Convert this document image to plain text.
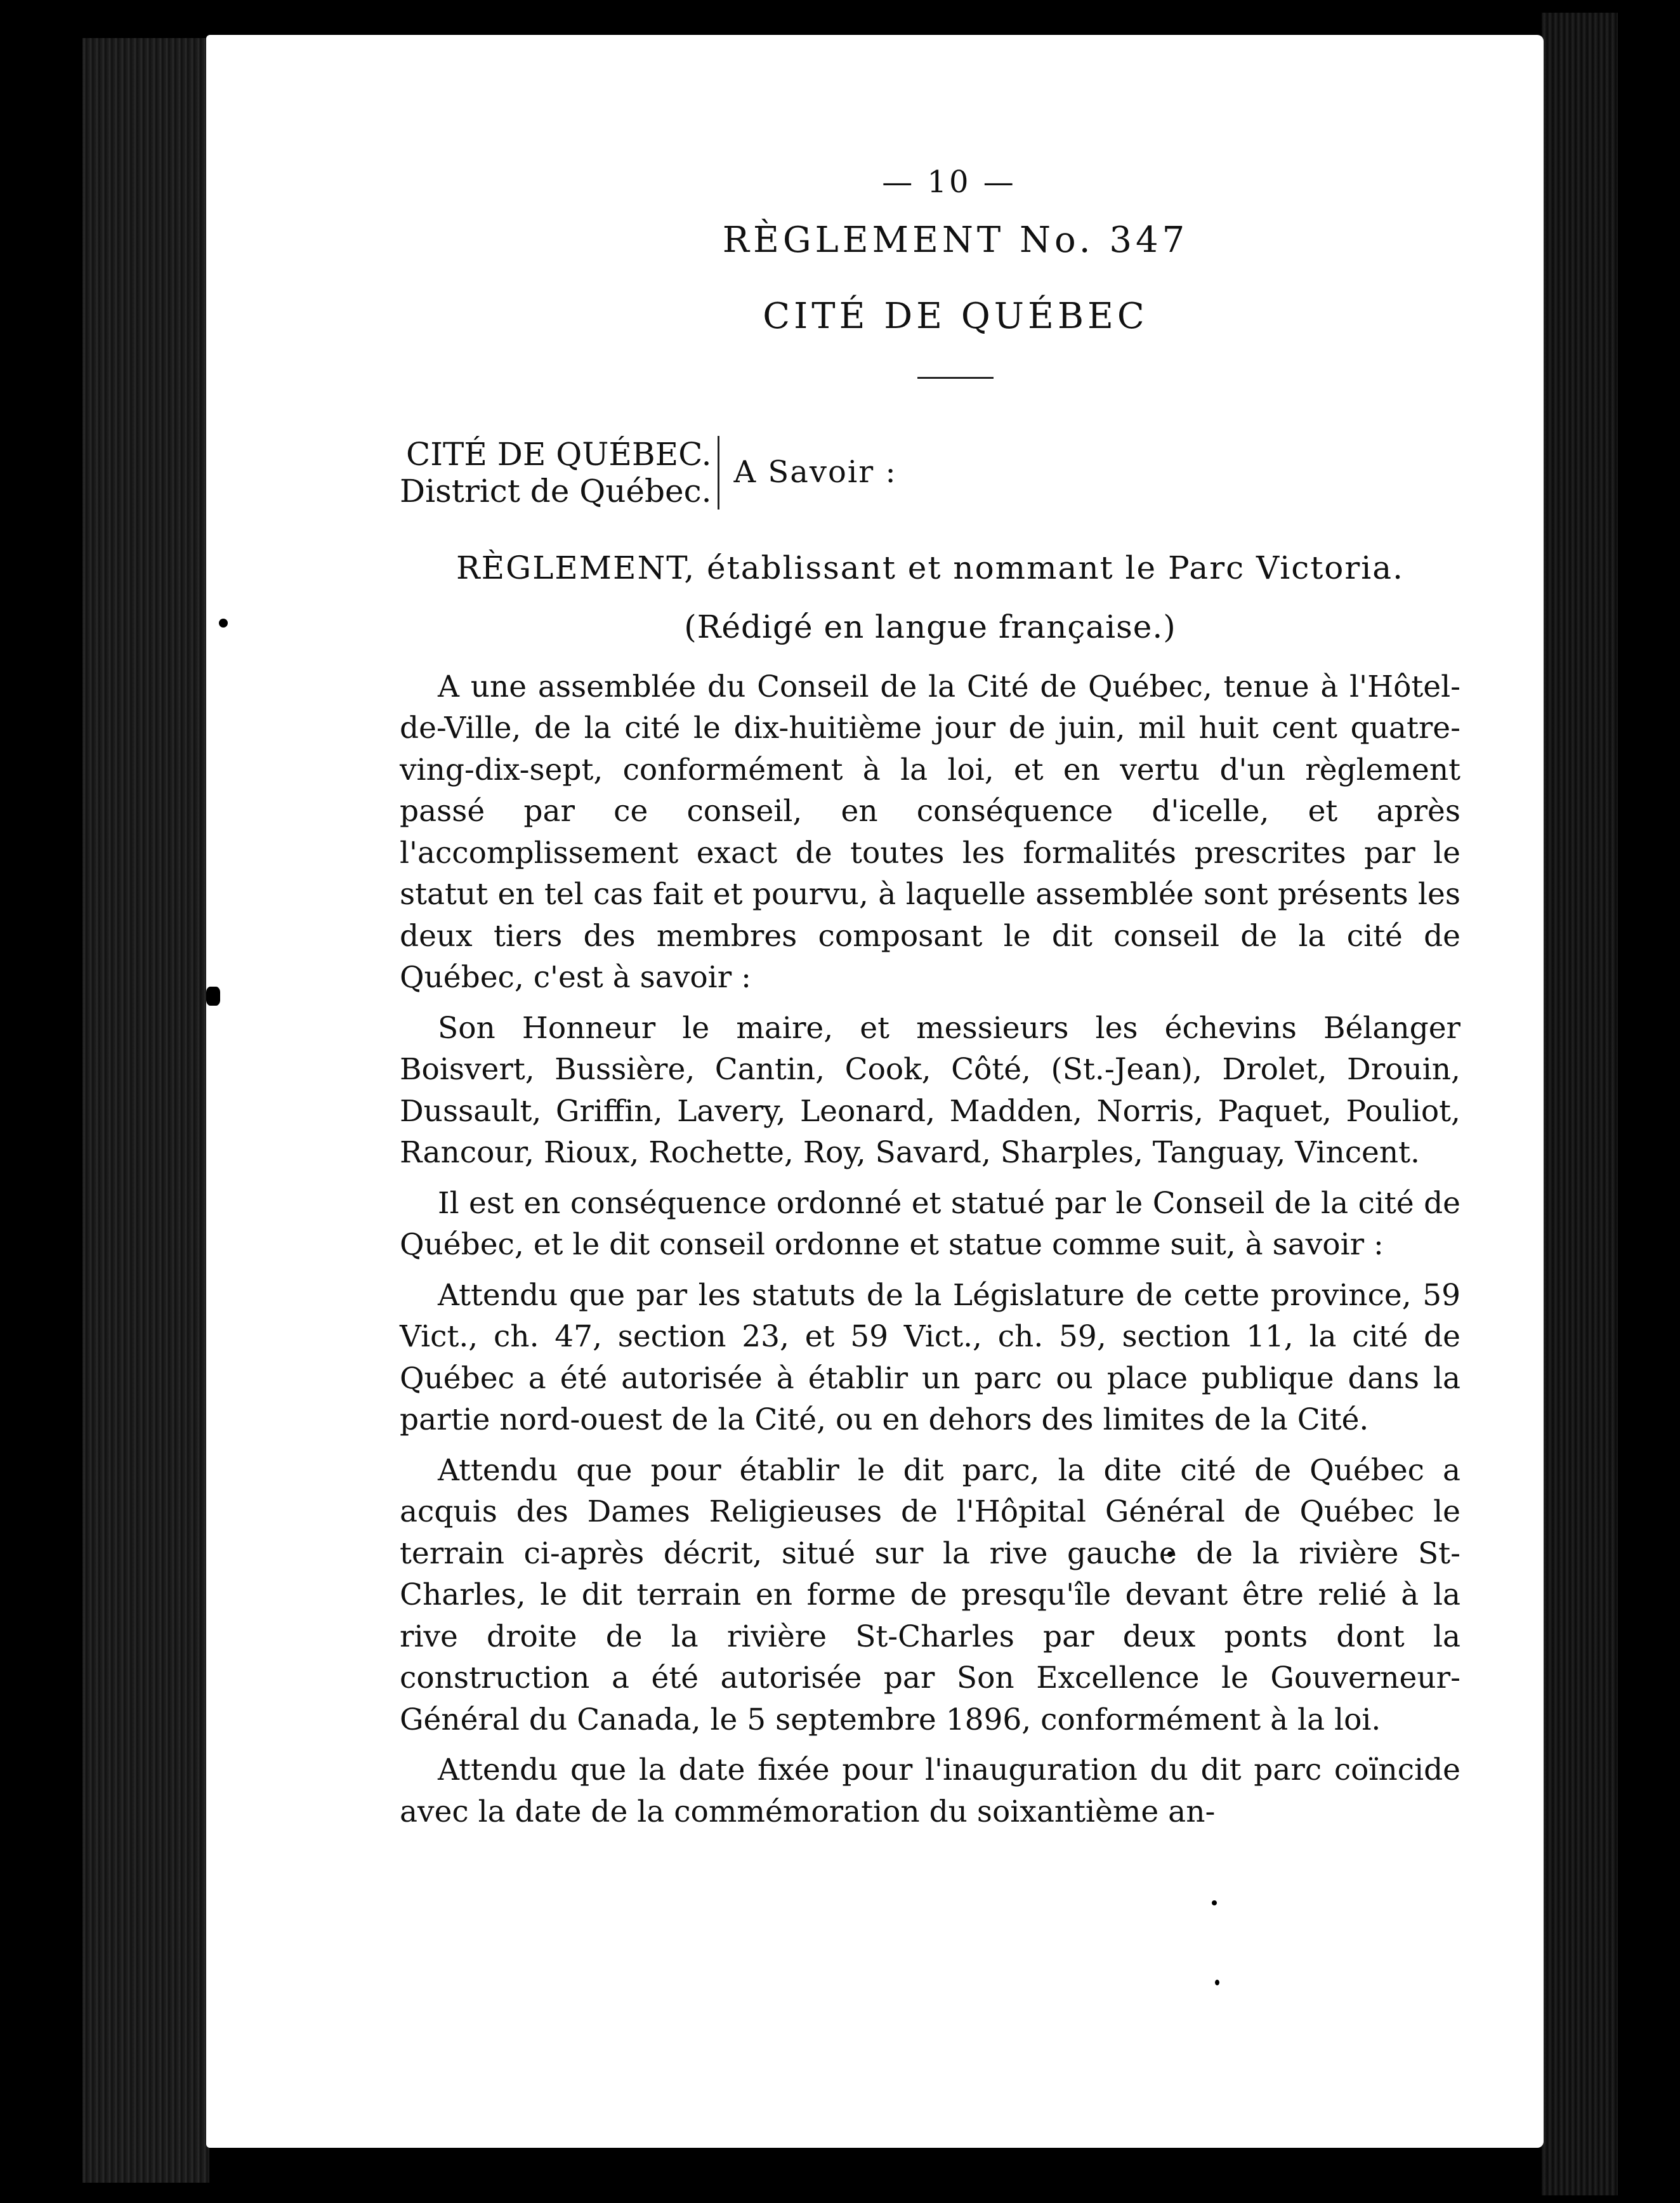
— 10 —
RÈGLEMENT No. 347
CITÉ DE QUÉBEC
CITÉ DE QUÉBEC.
District de Québec.
A Savoir :
RÈGLEMENT, établissant et nommant le Parc Victoria.
(Rédigé en langue française.)

A une assemblée du Conseil de la Cité de Québec, tenue à l'Hôtel-de-Ville, de la cité le dix-huitième jour de juin, mil huit cent quatre-ving-dix-sept, conformément à la loi, et en vertu d'un règlement passé par ce conseil, en conséquence d'icelle, et après l'accomplissement exact de toutes les formalités prescrites par le statut en tel cas fait et pourvu, à laquelle assemblée sont présents les deux tiers des membres composant le dit conseil de la cité de Québec, c'est à savoir :

Son Honneur le maire, et messieurs les échevins Bélanger Boisvert, Bussière, Cantin, Cook, Côté, (St.-Jean), Drolet, Drouin, Dussault, Griffin, Lavery, Leonard, Madden, Norris, Paquet, Pouliot, Rancour, Rioux, Rochette, Roy, Savard, Sharples, Tanguay, Vincent.

Il est en conséquence ordonné et statué par le Conseil de la cité de Québec, et le dit conseil ordonne et statue comme suit, à savoir :

Attendu que par les statuts de la Législature de cette province, 59 Vict., ch. 47, section 23, et 59 Vict., ch. 59, section 11, la cité de Québec a été autorisée à établir un parc ou place publique dans la partie nord-ouest de la Cité, ou en dehors des limites de la Cité.

Attendu que pour établir le dit parc, la dite cité de Québec a acquis des Dames Religieuses de l'Hôpital Général de Québec le terrain ci-après décrit, situé sur la rive gauche de la rivière St-Charles, le dit terrain en forme de presqu'île devant être relié à la rive droite de la rivière St-Charles par deux ponts dont la construction a été autorisée par Son Excellence le Gouverneur-Général du Canada, le 5 septembre 1896, conformément à la loi.

Attendu que la date fixée pour l'inauguration du dit parc coïncide avec la date de la commémoration du soixantième an-
